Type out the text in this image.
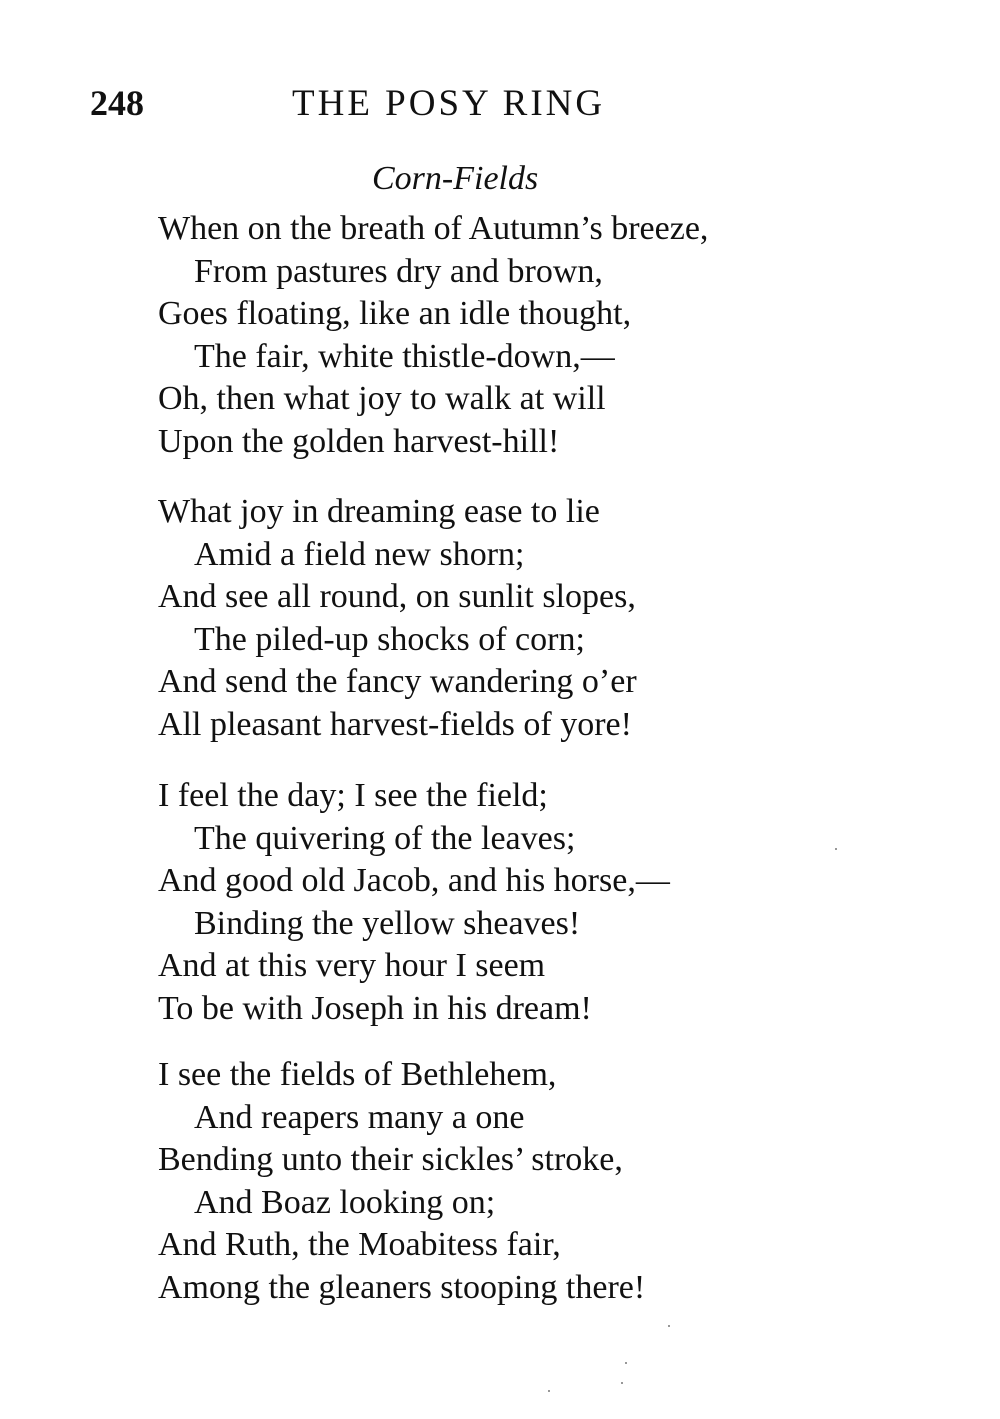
248	THE POSY RING
Corn-Fields
When on the breath of Autumn’s breeze,
From pastures dry and brown,
Goes floating, like an idle thought,
The fair, white thistle-down,—
Oh, then what joy to walk at will
Upon the golden harvest-hill!
What joy in dreaming ease to lie
Amid a field new shorn;
And see all round, on sunlit slopes,
The piled-up shocks of corn;
And send the fancy wandering o’er
All pleasant harvest-fields of yore!
I feel the day; I see the field;
The quivering of the leaves;
And good old Jacob, and his horse,—
Binding the yellow sheaves!
And at this very hour I seem
To be with Joseph in his dream!
I see the fields of Bethlehem,
And reapers many a one
Bending unto their sickles’ stroke,
And Boaz looking on;
And Ruth, the Moabitess fair,
Among the gleaners stooping there!
